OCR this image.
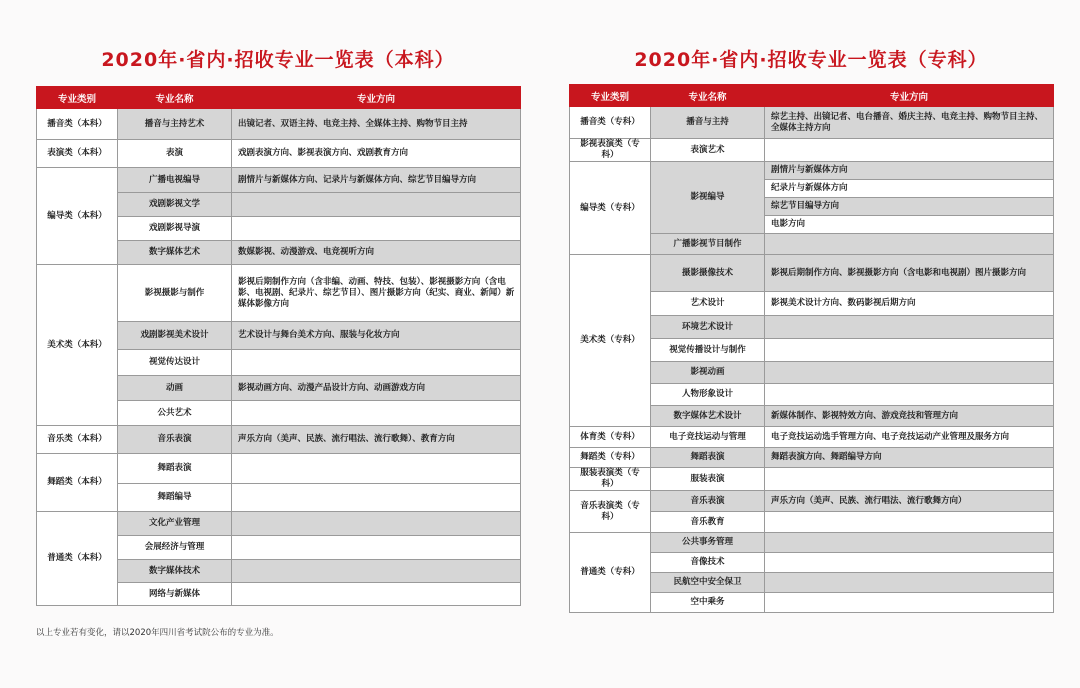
2020年·省内·招收专业一览表（本科）
专业类别	专业名称	专业方向
播音类（本科）	播音与主持艺术	出镜记者、双语主持、电竞主持、全媒体主持、购物节目主持
表演类（本科）	表演	戏剧表演方向、影视表演方向、戏剧教育方向
编导类（本科）	广播电视编导	剧情片与新媒体方向、记录片与新媒体方向、综艺节目编导方向
	戏剧影视文学	
	戏剧影视导演	
	数字媒体艺术	数媒影视、动漫游戏、电竞视听方向
美术类（本科）	影视摄影与制作	影视后期制作方向（含非编、动画、特技、包装）、影视摄影方向（含电影、电视剧、纪录片、综艺节目）、图片摄影方向（纪实、商业、新闻）新媒体影像方向
	戏剧影视美术设计	艺术设计与舞台美术方向、服装与化妆方向
	视觉传达设计	
	动画	影视动画方向、动漫产品设计方向、动画游戏方向
	公共艺术	
音乐类（本科）	音乐表演	声乐方向（美声、民族、流行唱法、流行歌舞）、教育方向
舞蹈类（本科）	舞蹈表演	
	舞蹈编导	
普通类（本科）	文化产业管理	
	会展经济与管理	
	数字媒体技术	
	网络与新媒体	
2020年·省内·招收专业一览表（专科）
专业类别	专业名称	专业方向
播音类（专科）	播音与主持	综艺主持、出镜记者、电台播音、婚庆主持、电竞主持、购物节目主持、全媒体主持方向
影视表演类（专科）	表演艺术	
编导类（专科）	影视编导	剧情片与新媒体方向
		纪录片与新媒体方向
		综艺节目编导方向
		电影方向
	广播影视节目制作	
美术类（专科）	摄影摄像技术	影视后期制作方向、影视摄影方向（含电影和电视剧）图片摄影方向
	艺术设计	影视美术设计方向、数码影视后期方向
	环境艺术设计	
	视觉传播设计与制作	
	影视动画	
	人物形象设计	
	数字媒体艺术设计	新媒体制作、影视特效方向、游戏竞技和管理方向
体育类（专科）	电子竞技运动与管理	电子竞技运动选手管理方向、电子竞技运动产业管理及服务方向
舞蹈类（专科）	舞蹈表演	舞蹈表演方向、舞蹈编导方向
服装表演类（专科）	服装表演	
音乐表演类（专科）	音乐表演	声乐方向（美声、民族、流行唱法、流行歌舞方向）
	音乐教育	
普通类（专科）	公共事务管理	
	音像技术	
	民航空中安全保卫	
	空中乘务	
以上专业若有变化，请以2020年四川省考试院公布的专业为准。
